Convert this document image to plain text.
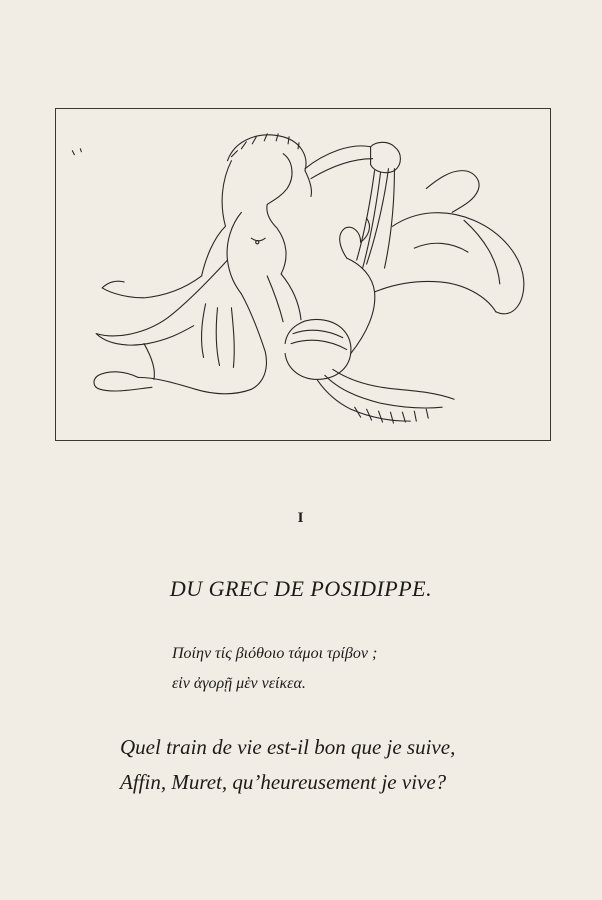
I
DU GREC DE POSIDIPPE.
Ποίην τίς βιόθοιο τάμοι τρίβον ;
εἰν ἀγορῇ μὲν νείκεα.
Quel train de vie est-il bon que je suive,
Affin, Muret, qu’heureusement je vive?
